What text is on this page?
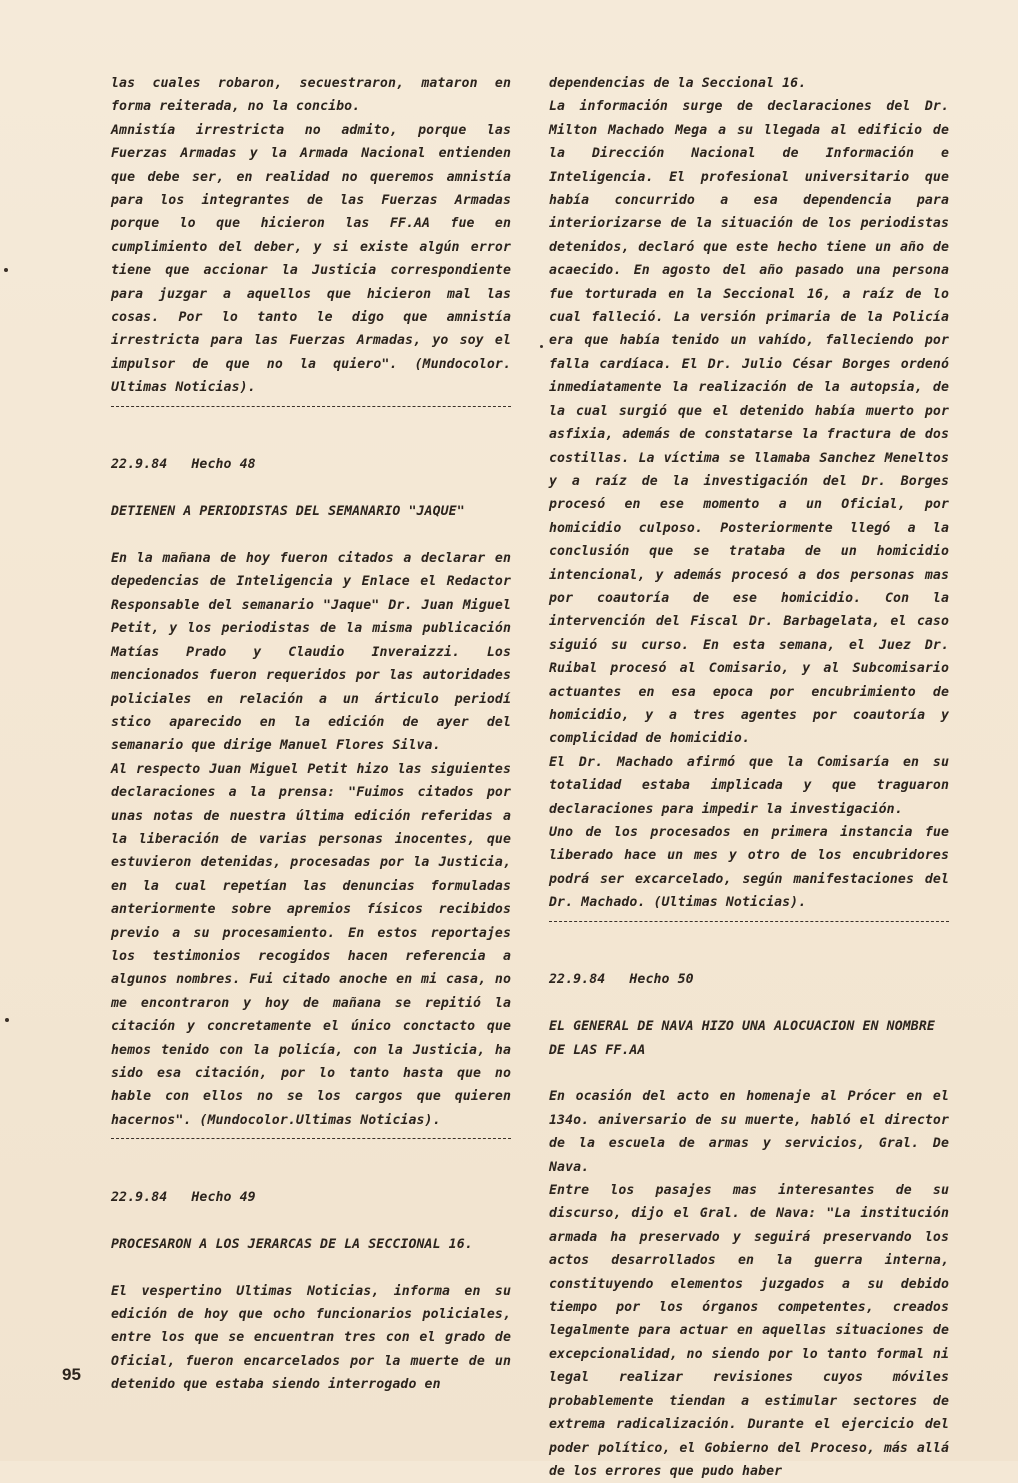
las cuales robaron, secuestraron, mataron en forma reiterada, no la concibo.

Amnistía irrestricta no admito, porque las Fuerzas Armadas y la Armada Nacional entienden que debe ser, en realidad no queremos amnistía para los integrantes de las Fuerzas Armadas porque lo que hicieron las FF.AA fue en cumplimiento del deber, y si existe algún error tiene que accionar la Justicia correspondiente para juzgar a aquellos que hicieron mal las cosas. Por lo tanto le digo que amnistía irrestricta para las Fuerzas Armadas, yo soy el impulsor de que no la quiero". (Mundocolor. Ultimas Noticias).

22.9.84   Hecho 48

DETIENEN A PERIODISTAS DEL SEMANARIO "JAQUE"

En la mañana de hoy fueron citados a declarar en depedencias de Inteligencia y Enlace el Redactor Responsable del semanario "Jaque" Dr. Juan Miguel Petit, y los periodistas de la misma publicación Matías Prado y Claudio Inveraizzi. Los mencionados fueron requeridos por las autoridades policiales en relación a un árticulo periodí stico aparecido en la edición de ayer del semanario que dirige Manuel Flores Silva.

Al respecto Juan Miguel Petit hizo las siguientes declaraciones a la prensa: "Fuimos citados por unas notas de nuestra última edición referidas a la liberación de varias personas inocentes, que estuvieron detenidas, procesadas por la Justicia, en la cual repetían las denuncias formuladas anteriormente sobre apremios físicos recibidos previo a su procesamiento. En estos reportajes los testimonios recogidos hacen referencia a algunos nombres. Fui citado anoche en mi casa, no me encontraron y hoy de mañana se repitió la citación y concretamente el único conctacto que hemos tenido con la policía, con la Justicia, ha sido esa citación, por lo tanto hasta que no hable con ellos no se los cargos que quieren hacernos". (Mundocolor.Ultimas Noticias).

22.9.84   Hecho 49

PROCESARON A LOS JERARCAS DE LA SECCIONAL 16.

El vespertino Ultimas Noticias, informa en su edición de hoy que ocho funcionarios policiales, entre los que se encuentran tres con el grado de Oficial, fueron encarcelados por la muerte de un detenido que estaba siendo interrogado en

dependencias de la Seccional 16.

La información surge de declaraciones del Dr. Milton Machado Mega a su llegada al edificio de la Dirección Nacional de Información e Inteligencia. El profesional universitario que había concurrido a esa dependencia para interiorizarse de la situación de los periodistas detenidos, declaró que este hecho tiene un año de acaecido. En agosto del año pasado una persona fue torturada en la Seccional 16, a raíz de lo cual falleció. La versión primaria de la Policía era que había tenido un vahído, falleciendo por falla cardíaca. El Dr. Julio César Borges ordenó inmediatamente la realización de la autopsia, de la cual surgió que el detenido había muerto por asfixia, además de constatarse la fractura de dos costillas. La víctima se llamaba Sanchez Meneltos y a raíz de la investigación del Dr. Borges procesó en ese momento a un Oficial, por homicidio culposo. Posteriormente llegó a la conclusión que se trataba de un homicidio intencional, y además procesó a dos personas mas por coautoría de ese homicidio. Con la intervención del Fiscal Dr. Barbagelata, el caso siguió su curso. En esta semana, el Juez Dr. Ruibal procesó al Comisario, y al Subcomisario actuantes en esa epoca por encubrimiento de homicidio, y a tres agentes por coautoría y complicidad de homicidio.

El Dr. Machado afirmó que la Comisaría en su totalidad estaba implicada y que traguaron declaraciones para impedir la investigación.

Uno de los procesados en primera instancia fue liberado hace un mes y otro de los encubridores podrá ser excarcelado, según manifestaciones del Dr. Machado. (Ultimas Noticias).

22.9.84   Hecho 50

EL GENERAL DE NAVA HIZO UNA ALOCUACION EN NOMBRE DE LAS FF.AA

En ocasión del acto en homenaje al Prócer en el 134o. aniversario de su muerte, habló el director de la escuela de armas y servicios, Gral. De Nava.

Entre los pasajes mas interesantes de su discurso, dijo el Gral. de Nava: "La institución armada ha preservado y seguirá preservando los actos desarrollados en la guerra interna, constituyendo elementos juzgados a su debido tiempo por los órganos competentes, creados legalmente para actuar en aquellas situaciones de excepcionalidad, no siendo por lo tanto formal ni legal realizar revisiones cuyos móviles probablemente tiendan a estimular sectores de extrema radicalización. Durante el ejercicio del poder político, el Gobierno del Proceso, más allá de los errores que pudo haber

95
